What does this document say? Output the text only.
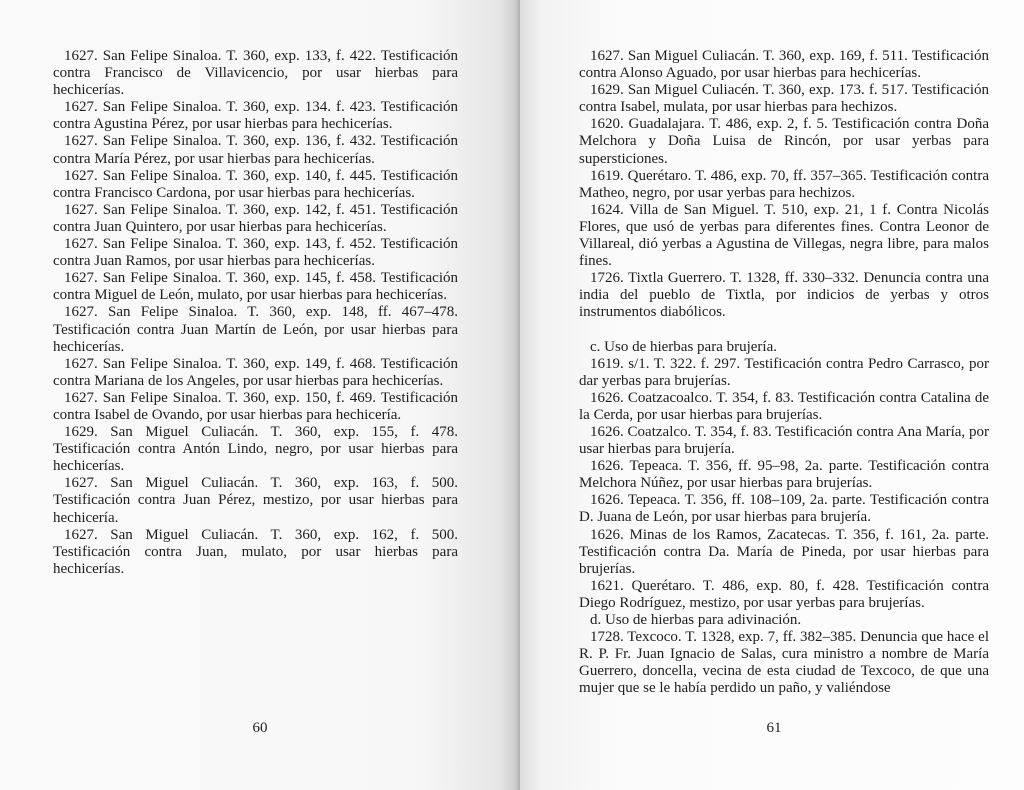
1627. San Felipe Sinaloa. T. 360, exp. 133, f. 422. Testificación contra Francisco de Villavicencio, por usar hierbas para hechicerías.

1627. San Felipe Sinaloa. T. 360, exp. 134. f. 423. Testificación contra Agustina Pérez, por usar hierbas para hechicerías.

1627. San Felipe Sinaloa. T. 360, exp. 136, f. 432. Testificación contra María Pérez, por usar hierbas para hechicerías.

1627. San Felipe Sinaloa. T. 360, exp. 140, f. 445. Testificación contra Francisco Cardona, por usar hierbas para hechicerías.

1627. San Felipe Sinaloa. T. 360, exp. 142, f. 451. Testificación contra Juan Quintero, por usar hierbas para hechicerías.

1627. San Felipe Sinaloa. T. 360, exp. 143, f. 452. Testificación contra Juan Ramos, por usar hierbas para hechicerías.

1627. San Felipe Sinaloa. T. 360, exp. 145, f. 458. Testificación contra Miguel de León, mulato, por usar hierbas para hechicerías.

1627. San Felipe Sinaloa. T. 360, exp. 148, ff. 467–478. Testificación contra Juan Martín de León, por usar hierbas para hechicerías.

1627. San Felipe Sinaloa. T. 360, exp. 149, f. 468. Testificación contra Mariana de los Angeles, por usar hierbas para hechicerías.

1627. San Felipe Sinaloa. T. 360, exp. 150, f. 469. Testificación contra Isabel de Ovando, por usar hierbas para hechicería.

1629. San Miguel Culiacán. T. 360, exp. 155, f. 478. Testificación contra Antón Lindo, negro, por usar hierbas para hechicerías.

1627. San Miguel Culiacán. T. 360, exp. 163, f. 500. Testificación contra Juan Pérez, mestizo, por usar hierbas para hechicería.

1627. San Miguel Culiacán. T. 360, exp. 162, f. 500. Testificación contra Juan, mulato, por usar hierbas para hechicerías.

60

1627. San Miguel Culiacán. T. 360, exp. 169, f. 511. Testificación contra Alonso Aguado, por usar hierbas para hechicerías.

1629. San Miguel Culiacén. T. 360, exp. 173. f. 517. Testificación contra Isabel, mulata, por usar hierbas para hechizos.

1620. Guadalajara. T. 486, exp. 2, f. 5. Testificación contra Doña Melchora y Doña Luisa de Rincón, por usar yerbas para supersticiones.

1619. Querétaro. T. 486, exp. 70, ff. 357–365. Testificación contra Matheo, negro, por usar yerbas para hechizos.

1624. Villa de San Miguel. T. 510, exp. 21, 1 f. Contra Nicolás Flores, que usó de yerbas para diferentes fines. Contra Leonor de Villareal, dió yerbas a Agustina de Villegas, negra libre, para malos fines.

1726. Tixtla Guerrero. T. 1328, ff. 330–332. Denuncia contra una india del pueblo de Tixtla, por indicios de yerbas y otros instrumentos diabólicos.

c. Uso de hierbas para brujería.

1619. s/1. T. 322. f. 297. Testificación contra Pedro Carrasco, por dar yerbas para brujerías.

1626. Coatzacoalco. T. 354, f. 83. Testificación contra Catalina de la Cerda, por usar hierbas para brujerías.

1626. Coatzalco. T. 354, f. 83. Testificación contra Ana María, por usar hierbas para brujería.

1626. Tepeaca. T. 356, ff. 95–98, 2a. parte. Testificación contra Melchora Núñez, por usar hierbas para brujerías.

1626. Tepeaca. T. 356, ff. 108–109, 2a. parte. Testificación contra D. Juana de León, por usar hierbas para brujería.

1626. Minas de los Ramos, Zacatecas. T. 356, f. 161, 2a. parte. Testificación contra Da. María de Pineda, por usar hierbas para brujerías.

1621. Querétaro. T. 486, exp. 80, f. 428. Testificación contra Diego Rodríguez, mestizo, por usar yerbas para brujerías.

d. Uso de hierbas para adivinación.

1728. Texcoco. T. 1328, exp. 7, ff. 382–385. Denuncia que hace el R. P. Fr. Juan Ignacio de Salas, cura ministro a nombre de María Guerrero, doncella, vecina de esta ciudad de Texcoco, de que una mujer que se le había perdido un paño, y valiéndose

61
